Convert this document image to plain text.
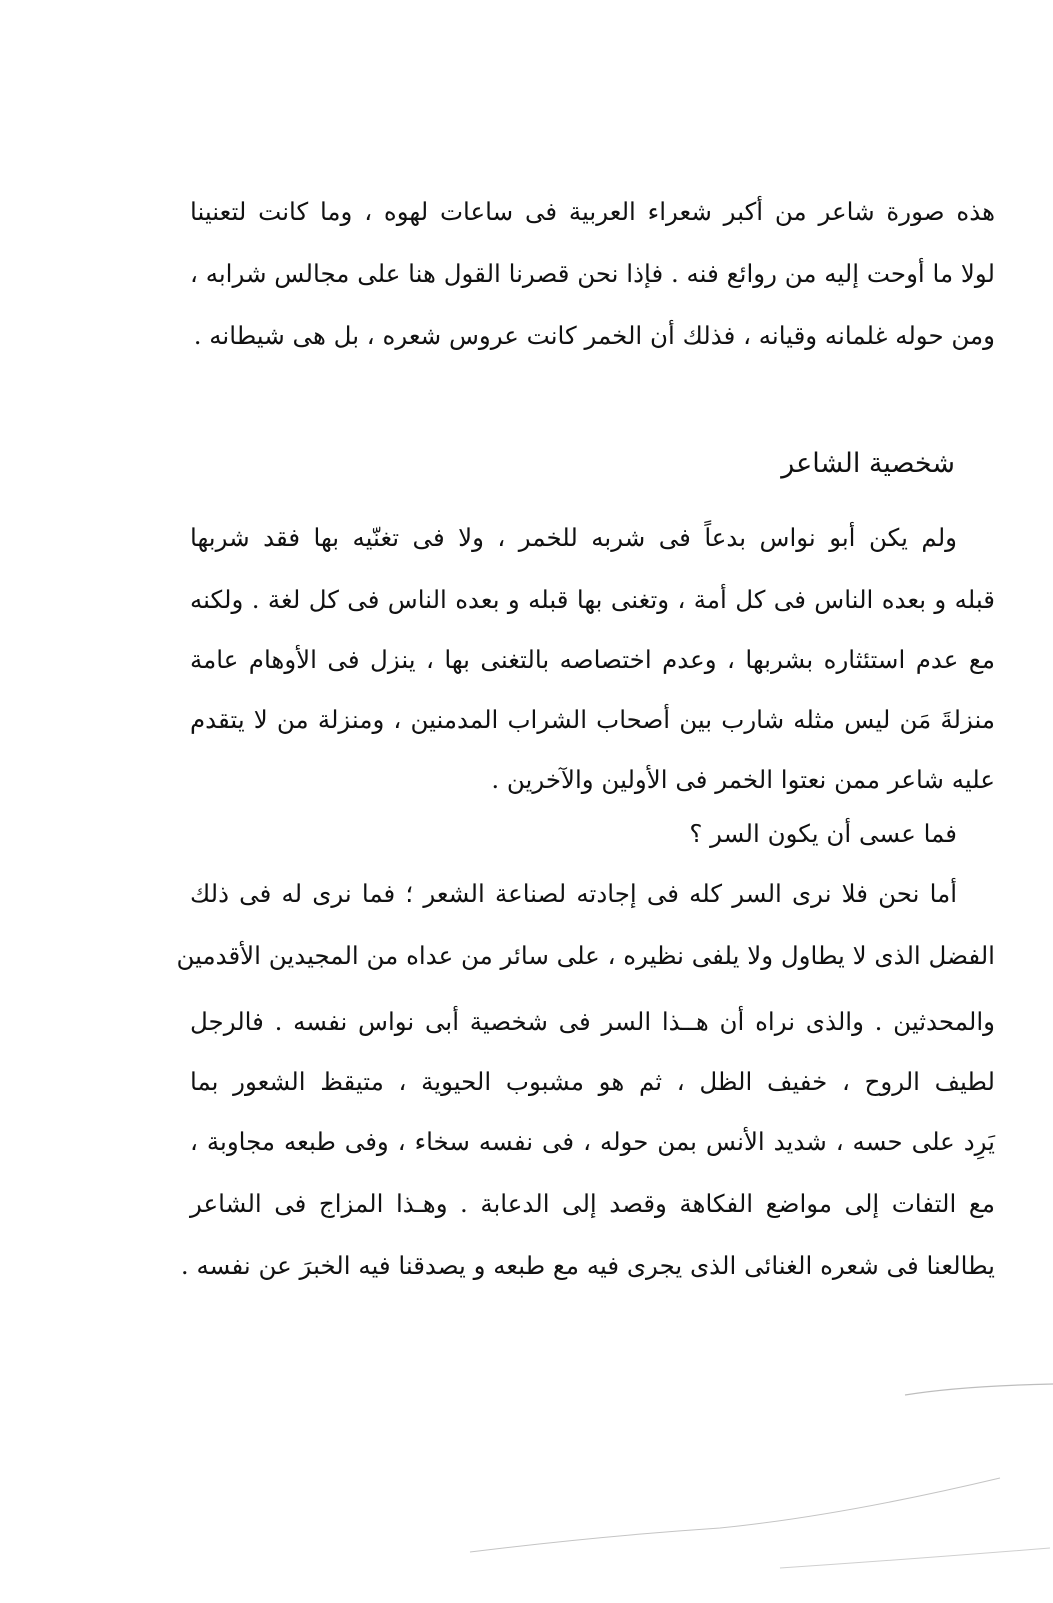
هذه صورة شاعر من أكبر شعراء العربية فى ساعات لهوه ، وما كانت لتعنينا
لولا ما أوحت إليه من روائع فنه . فإذا نحن قصرنا القول هنا على مجالس شرابه ،
ومن حوله غلمانه وقيانه ، فذلك أن الخمر كانت عروس شعره ، بل هى شيطانه .
شخصية الشاعر
ولم يكن أبو نواس بدعاً فى شربه للخمر ، ولا فى تغنّيه بها فقد شربها
قبله و بعده الناس فى كل أمة ، وتغنى بها قبله و بعده الناس فى كل لغة . ولكنه
مع عدم استئثاره بشربها ، وعدم اختصاصه بالتغنى بها ، ينزل فى الأوهام عامة
منزلةَ مَن ليس مثله شارب بين أصحاب الشراب المدمنين ، ومنزلة من لا يتقدم
عليه شاعر ممن نعتوا الخمر فى الأولين والآخرين .
فما عسى أن يكون السر ؟
أما نحن فلا نرى السر كله فى إجادته لصناعة الشعر ؛ فما نرى له فى ذلك
الفضل الذى لا يطاول ولا يلفى نظيره ، على سائر من عداه من المجيدين الأقدمين
والمحدثين . والذى نراه أن هــذا السر فى شخصية أبى نواس نفسه . فالرجل
لطيف الروح ، خفيف الظل ، ثم هو مشبوب الحيوية ، متيقظ الشعور بما
يَرِد على حسه ، شديد الأنس بمن حوله ، فى نفسه سخاء ، وفى طبعه مجاوبة ،
مع التفات إلى مواضع الفكاهة وقصد إلى الدعابة . وهـذا المزاج فى الشاعر
يطالعنا فى شعره الغنائى الذى يجرى فيه مع طبعه و يصدقنا فيه الخبرَ عن نفسه .
